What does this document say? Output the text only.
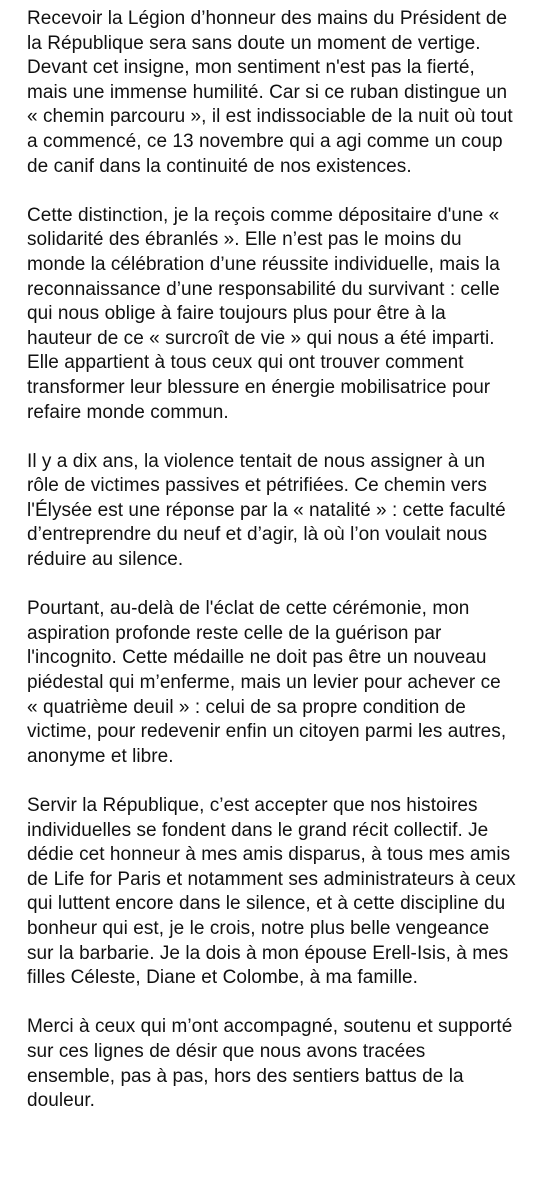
Recevoir la Légion d’honneur des mains du Président de
la République sera sans doute un moment de vertige.
Devant cet insigne, mon sentiment n'est pas la fierté,
mais une immense humilité. Car si ce ruban distingue un
« chemin parcouru », il est indissociable de la nuit où tout
a commencé, ce 13 novembre qui a agi comme un coup
de canif dans la continuité de nos existences.

Cette distinction, je la reçois comme dépositaire d'une «
solidarité des ébranlés ». Elle n’est pas le moins du
monde la célébration d’une réussite individuelle, mais la
reconnaissance d’une responsabilité du survivant : celle
qui nous oblige à faire toujours plus pour être à la
hauteur de ce « surcroît de vie » qui nous a été imparti.
Elle appartient à tous ceux qui ont trouver comment
transformer leur blessure en énergie mobilisatrice pour
refaire monde commun.

Il y a dix ans, la violence tentait de nous assigner à un
rôle de victimes passives et pétrifiées. Ce chemin vers
l'Élysée est une réponse par la « natalité » : cette faculté
d’entreprendre du neuf et d’agir, là où l’on voulait nous
réduire au silence.

Pourtant, au-delà de l'éclat de cette cérémonie, mon
aspiration profonde reste celle de la guérison par
l'incognito. Cette médaille ne doit pas être un nouveau
piédestal qui m’enferme, mais un levier pour achever ce
« quatrième deuil » : celui de sa propre condition de
victime, pour redevenir enfin un citoyen parmi les autres,
anonyme et libre.

Servir la République, c’est accepter que nos histoires
individuelles se fondent dans le grand récit collectif. Je
dédie cet honneur à mes amis disparus, à tous mes amis
de Life for Paris et notamment ses administrateurs à ceux
qui luttent encore dans le silence, et à cette discipline du
bonheur qui est, je le crois, notre plus belle vengeance
sur la barbarie. Je la dois à mon épouse Erell-Isis, à mes
filles Céleste, Diane et Colombe, à ma famille.

Merci à ceux qui m’ont accompagné, soutenu et supporté
sur ces lignes de désir que nous avons tracées
ensemble, pas à pas, hors des sentiers battus de la
douleur.
